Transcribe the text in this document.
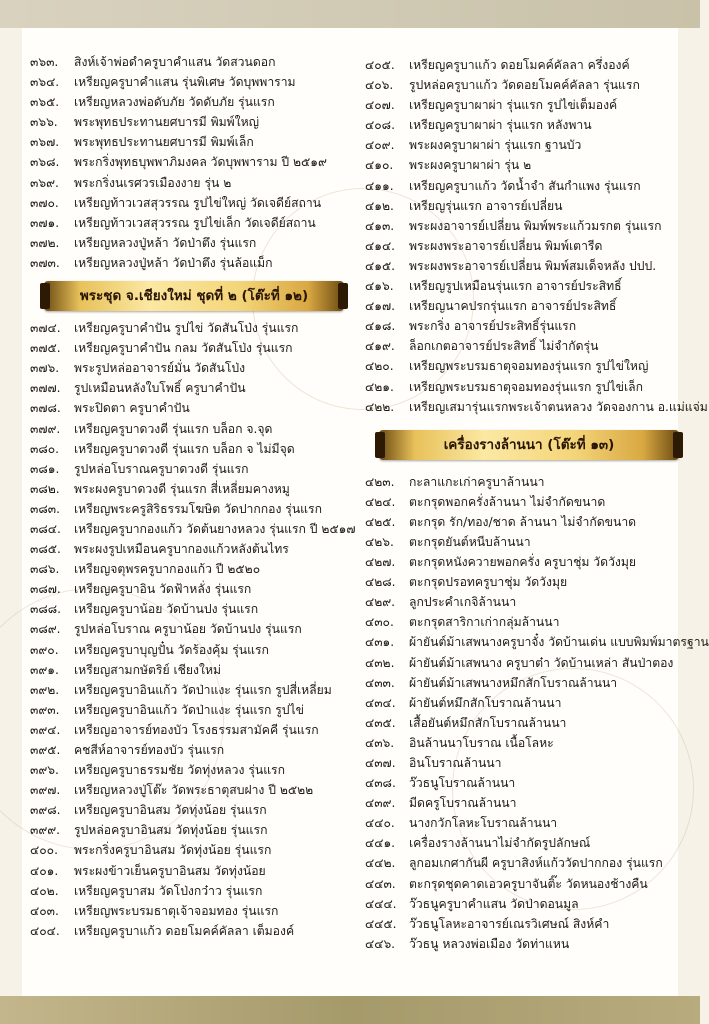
๓๖๓. สิงห์เจ้าพ่อดำครูบาคำแสน วัดสวนดอก
๓๖๔. เหรียญครูบาคำแสน รุ่นพิเศษ วัดบุพพาราม
๓๖๕. เหรียญหลวงพ่อดับภัย วัดดับภัย รุ่นแรก
๓๖๖. พระพุทธประทานยศบารมี พิมพ์ใหญ่
๓๖๗. พระพุทธประทานยศบารมี พิมพ์เล็ก
๓๖๘. พระกริ่งพุทธบุพพาภิมงคล วัดบุพพาราม ปี ๒๕๑๙
๓๖๙. พระกริ่งนเรศวรเมืองงาย รุ่น ๒
๓๗๐. เหรียญท้าวเวสสุวรรณ รูปไข่ใหญ่ วัดเจดีย์สถาน
๓๗๑. เหรียญท้าวเวสสุวรรณ รูปไข่เล็ก วัดเจดีย์สถาน
๓๗๒. เหรียญหลวงปู่หล้า วัดป่าตึง รุ่นแรก
๓๗๓. เหรียญหลวงปู่หล้า วัดป่าตึง รุ่นล้อแม็ก
พระชุด จ.เชียงใหม่ ชุดที่ ๒ (โต๊ะที่ ๑๒)
๓๗๔. เหรียญครูบาคำปัน รูปไข่ วัดสันโป่ง รุ่นแรก
๓๗๕. เหรียญครูบาคำปัน กลม วัดสันโป่ง รุ่นแรก
๓๗๖. พระรูปหล่ออาจารย์มั่น วัดสันโป่ง
๓๗๗. รูปเหมือนหลังใบโพธิ์ ครูบาคำปัน
๓๗๘. พระปิดตา ครูบาคำปัน
๓๗๙. เหรียญครูบาดวงดี รุ่นแรก บล็อก จ.จุด
๓๘๐. เหรียญครูบาดวงดี รุ่นแรก บล็อก จ ไม่มีจุด
๓๘๑. รูปหล่อโบราณครูบาดวงดี รุ่นแรก
๓๘๒. พระผงครูบาดวงดี รุ่นแรก สี่เหลี่ยมคางหมู
๓๘๓. เหรียญพระครูสิริธรรมโฆษิต วัดปากกอง รุ่นแรก
๓๘๔. เหรียญครูบากองแก้ว วัดต้นยางหลวง รุ่นแรก ปี ๒๕๑๗
๓๘๕. พระผงรูปเหมือนครูบากองแก้วหลังต้นไทร
๓๘๖. เหรียญจตุพรครูบากองแก้ว ปี ๒๕๒๐
๓๘๗. เหรียญครูบาอิน วัดฟ้าหลั่ง รุ่นแรก
๓๘๘. เหรียญครูบาน้อย วัดบ้านปง รุ่นแรก
๓๘๙. รูปหล่อโบราณ ครูบาน้อย วัดบ้านปง รุ่นแรก
๓๙๐. เหรียญครูบาบุญปั๋น วัดร้องคุ้ม รุ่นแรก
๓๙๑. เหรียญสามกษัตริย์ เชียงใหม่
๓๙๒. เหรียญครูบาอินแก้ว วัดป่าแงะ รุ่นแรก รูปสี่เหลี่ยม
๓๙๓. เหรียญครูบาอินแก้ว วัดป่าแงะ รุ่นแรก รูปไข่
๓๙๔. เหรียญอาจารย์ทองบัว โรงธรรมสามัคคี รุ่นแรก
๓๙๕. คชสีห์อาจารย์ทองบัว รุ่นแรก
๓๙๖. เหรียญครูบาธรรมชัย วัดทุ่งหลวง รุ่นแรก
๓๙๗. เหรียญหลวงปู่โต๊ะ วัดพระธาตุสบฝาง ปี ๒๕๒๒
๓๙๘. เหรียญครูบาอินสม วัดทุ่งน้อย รุ่นแรก
๓๙๙. รูปหล่อครูบาอินสม วัดทุ่งน้อย รุ่นแรก
๔๐๐. พระกริ่งครูบาอินสม วัดทุ่งน้อย รุ่นแรก
๔๐๑. พระผงข้าวเย็นครูบาอินสม วัดทุ่งน้อย
๔๐๒. เหรียญครูบาสม วัดโป่งกว๋าว รุ่นแรก
๔๐๓. เหรียญพระบรมธาตุเจ้าจอมทอง รุ่นแรก
๔๐๔. เหรียญครูบาแก้ว ดอยโมคค์คัลลา เต็มองค์
๔๐๕. เหรียญครูบาแก้ว ดอยโมคค์คัลลา ครึ่งองค์
๔๐๖. รูปหล่อครูบาแก้ว วัดดอยโมคค์คัลลา รุ่นแรก
๔๐๗. เหรียญครูบาผาผ่า รุ่นแรก รูปไข่เต็มองค์
๔๐๘. เหรียญครูบาผาผ่า รุ่นแรก หลังพาน
๔๐๙. พระผงครูบาผาผ่า รุ่นแรก ฐานบัว
๔๑๐. พระผงครูบาผาผ่า รุ่น ๒
๔๑๑. เหรียญครูบาแก้ว วัดน้ำจำ สันกำแพง รุ่นแรก
๔๑๒. เหรียญรุ่นแรก อาจารย์เปลี่ยน
๔๑๓. พระผงอาจารย์เปลี่ยน พิมพ์พระแก้วมรกต รุ่นแรก
๔๑๔. พระผงพระอาจารย์เปลี่ยน พิมพ์เตารีด
๔๑๕. พระผงพระอาจารย์เปลี่ยน พิมพ์สมเด็จหลัง ปปป.
๔๑๖. เหรียญรูปเหมือนรุ่นแรก อาจารย์ประสิทธิ์
๔๑๗. เหรียญนาคปรกรุ่นแรก อาจารย์ประสิทธิ์
๔๑๘. พระกริ่ง อาจารย์ประสิทธิ์รุ่นแรก
๔๑๙. ล็อกเกตอาจารย์ประสิทธิ์ ไม่จำกัดรุ่น
๔๒๐. เหรียญพระบรมธาตุจอมทองรุ่นแรก รูปไข่ใหญ่
๔๒๑. เหรียญพระบรมธาตุจอมทองรุ่นแรก รูปไข่เล็ก
๔๒๒. เหรียญเสมารุ่นแรกพระเจ้าตนหลวง วัดจองกาน อ.แม่แจ่ม
เครื่องรางล้านนา (โต๊ะที่ ๑๓)
๔๒๓. กะลาแกะเก่าครูบาล้านนา
๔๒๔. ตะกรุดพอกครั่งล้านนา ไม่จำกัดขนาด
๔๒๕. ตะกรุด รัก/ทอง/ชาด ล้านนา ไม่จำกัดขนาด
๔๒๖. ตะกรุดยันต์หนีบล้านนา
๔๒๗. ตะกรุดหนังควายพอกครั่ง ครูบาชุ่ม วัดวังมุย
๔๒๘. ตะกรุดปรอทครูบาชุ่ม วัดวังมุย
๔๒๙. ลูกประคำเกจิล้านนา
๔๓๐. ตะกรุดสาริกาเก่ากลุ่มล้านนา
๔๓๑. ผ้ายันต์ม้าเสพนางครูบาจั๋ง วัดบ้านเด่น แบบพิมพ์มาตรฐาน
๔๓๒. ผ้ายันต์ม้าเสพนาง ครูบาต๋า วัดบ้านเหล่า สันป่าตอง
๔๓๓. ผ้ายันต์ม้าเสพนางหมึกสักโบราณล้านนา
๔๓๔. ผ้ายันต์หมึกสักโบราณล้านนา
๔๓๕. เสื้อยันต์หมึกสักโบราณล้านนา
๔๓๖. อินล้านนาโบราณ เนื้อโลหะ
๔๓๗. อินโบราณล้านนา
๔๓๘. ว๊วธนูโบราณล้านนา
๔๓๙. มีดครูโบราณล้านนา
๔๔๐. นางกวักโลหะโบราณล้านนา
๔๔๑. เครื่องรางล้านนาไม่จำกัดรูปลักษณ์
๔๔๒. ลูกอมเกศากันผี ครูบาสิงห์แก้ววัดปากกอง รุ่นแรก
๔๔๓. ตะกรุดชุดคาดเอวครูบาจันติ๊ะ วัดหนองช้างคืน
๔๔๔. ว๊วธนูครูบาคำแสน วัดป่าดอนมูล
๔๔๕. ว๊วธนูโลหะอาจารย์เณรวิเศษณ์ สิงห์คำ
๔๔๖. ว๊วธนู หลวงพ่อเมือง วัดท่าแหน
